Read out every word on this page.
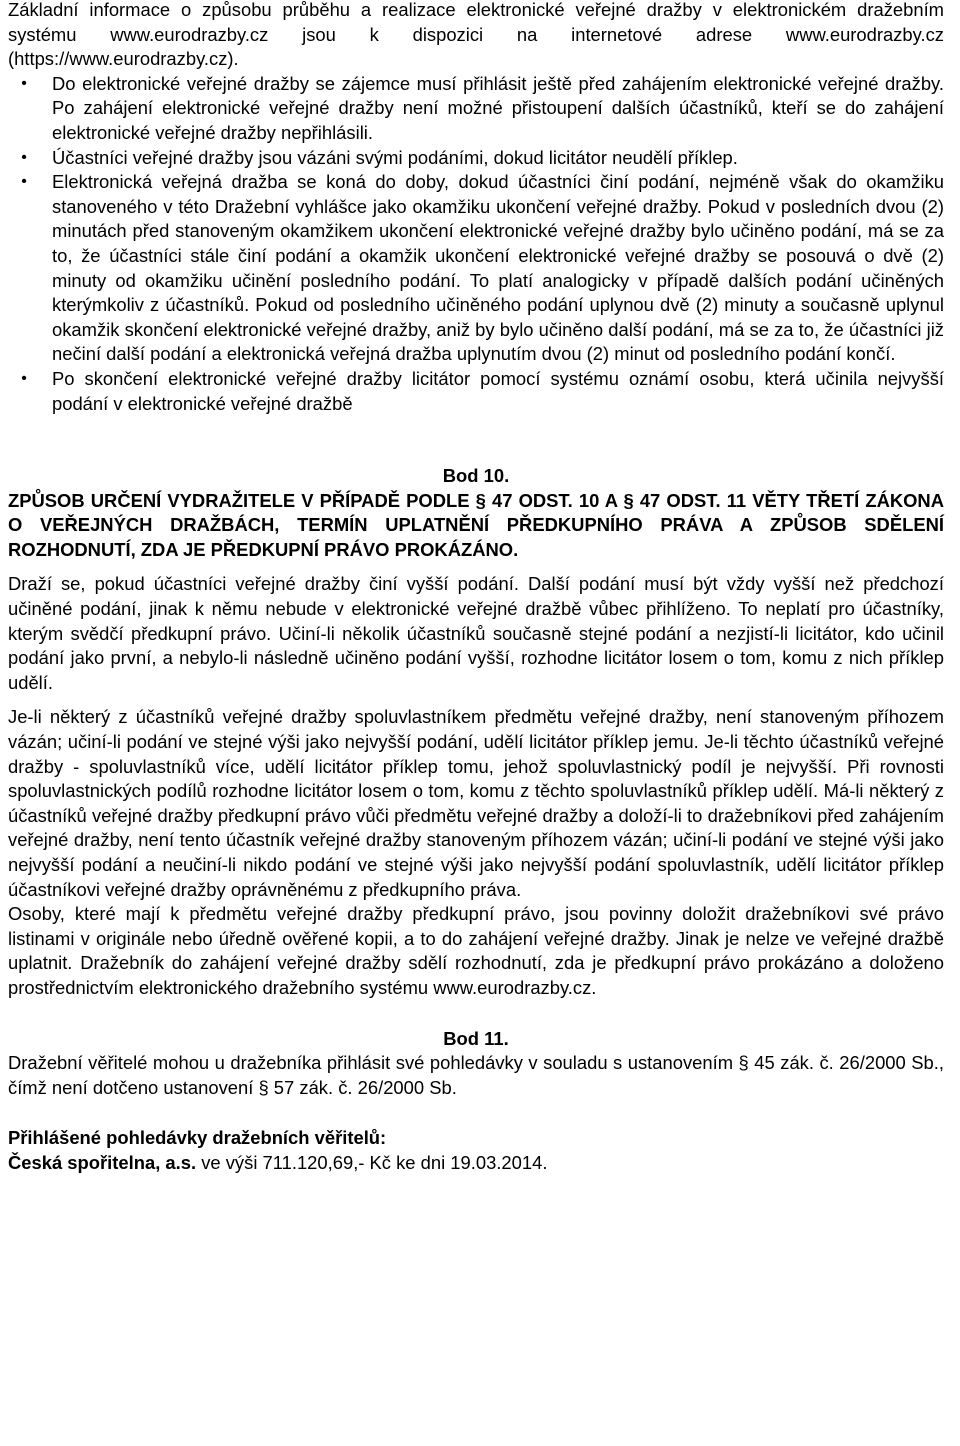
Základní informace o způsobu průběhu a realizace elektronické veřejné dražby v elektronickém dražebním systému www.eurodrazby.cz jsou k dispozici na internetové adrese www.eurodrazby.cz (https://www.eurodrazby.cz).

•	Do elektronické veřejné dražby se zájemce musí přihlásit ještě před zahájením elektronické veřejné dražby. Po zahájení elektronické veřejné dražby není možné přistoupení dalších účastníků, kteří se do zahájení elektronické veřejné dražby nepřihlásili.
•	Účastníci veřejné dražby jsou vázáni svými podáními, dokud licitátor neudělí příklep.
•	Elektronická veřejná dražba se koná do doby, dokud účastníci činí podání, nejméně však do okamžiku stanoveného v této Dražební vyhlášce jako okamžiku ukončení veřejné dražby. Pokud v posledních dvou (2) minutách před stanoveným okamžikem ukončení elektronické veřejné dražby bylo učiněno podání, má se za to, že účastníci stále činí podání a okamžik ukončení elektronické veřejné dražby se posouvá o dvě (2) minuty od okamžiku učinění posledního podání. To platí analogicky v případě dalších podání učiněných kterýmkoliv z účastníků. Pokud od posledního učiněného podání uplynou dvě (2) minuty a současně uplynul okamžik skončení elektronické veřejné dražby, aniž by bylo učiněno další podání, má se za to, že účastníci již nečiní další podání a elektronická veřejná dražba uplynutím dvou (2) minut od posledního podání končí.
•	Po skončení elektronické veřejné dražby licitátor pomocí systému oznámí osobu, která učinila nejvyšší podání v elektronické veřejné dražbě

Bod 10.

ZPŮSOB URČENÍ VYDRAŽITELE V PŘÍPADĚ PODLE § 47 ODST. 10 A § 47 ODST. 11 VĚTY TŘETÍ ZÁKONA O VEŘEJNÝCH DRAŽBÁCH, TERMÍN UPLATNĚNÍ PŘEDKUPNÍHO PRÁVA A ZPŮSOB SDĚLENÍ ROZHODNUTÍ, ZDA JE PŘEDKUPNÍ PRÁVO PROKÁZÁNO.

Draží se, pokud účastníci veřejné dražby činí vyšší podání. Další podání musí být vždy vyšší než předchozí učiněné podání, jinak k němu nebude v elektronické veřejné dražbě vůbec přihlíženo. To neplatí pro účastníky, kterým svědčí předkupní právo. Učiní-li několik účastníků současně stejné podání a nezjistí-li licitátor, kdo učinil podání jako první, a nebylo-li následně učiněno podání vyšší, rozhodne licitátor losem o tom, komu z nich příklep udělí.

Je-li některý z účastníků veřejné dražby spoluvlastníkem předmětu veřejné dražby, není stanoveným příhozem vázán; učiní-li podání ve stejné výši jako nejvyšší podání, udělí licitátor příklep jemu. Je-li těchto účastníků veřejné dražby - spoluvlastníků více, udělí licitátor příklep tomu, jehož spoluvlastnický podíl je nejvyšší. Při rovnosti spoluvlastnických podílů rozhodne licitátor losem o tom, komu z těchto spoluvlastníků příklep udělí. Má-li některý z účastníků veřejné dražby předkupní právo vůči předmětu veřejné dražby a doloží-li to dražebníkovi před zahájením veřejné dražby, není tento účastník veřejné dražby stanoveným příhozem vázán; učiní-li podání ve stejné výši jako nejvyšší podání a neučiní-li nikdo podání ve stejné výši jako nejvyšší podání spoluvlastník, udělí licitátor příklep účastníkovi veřejné dražby oprávněnému z předkupního práva.

Osoby, které mají k předmětu veřejné dražby předkupní právo, jsou povinny doložit dražebníkovi své právo listinami v originále nebo úředně ověřené kopii, a to do zahájení veřejné dražby. Jinak je nelze ve veřejné dražbě uplatnit. Dražebník do zahájení veřejné dražby sdělí rozhodnutí, zda je předkupní právo prokázáno a doloženo prostřednictvím elektronického dražebního systému www.eurodrazby.cz.

Bod 11.

Dražební věřitelé mohou u dražebníka přihlásit své pohledávky v souladu s ustanovením § 45 zák. č. 26/2000 Sb., čímž není dotčeno ustanovení § 57 zák. č. 26/2000 Sb.

Přihlášené pohledávky dražebních věřitelů:

Česká spořitelna, a.s. ve výši 711.120,69,- Kč ke dni 19.03.2014.
